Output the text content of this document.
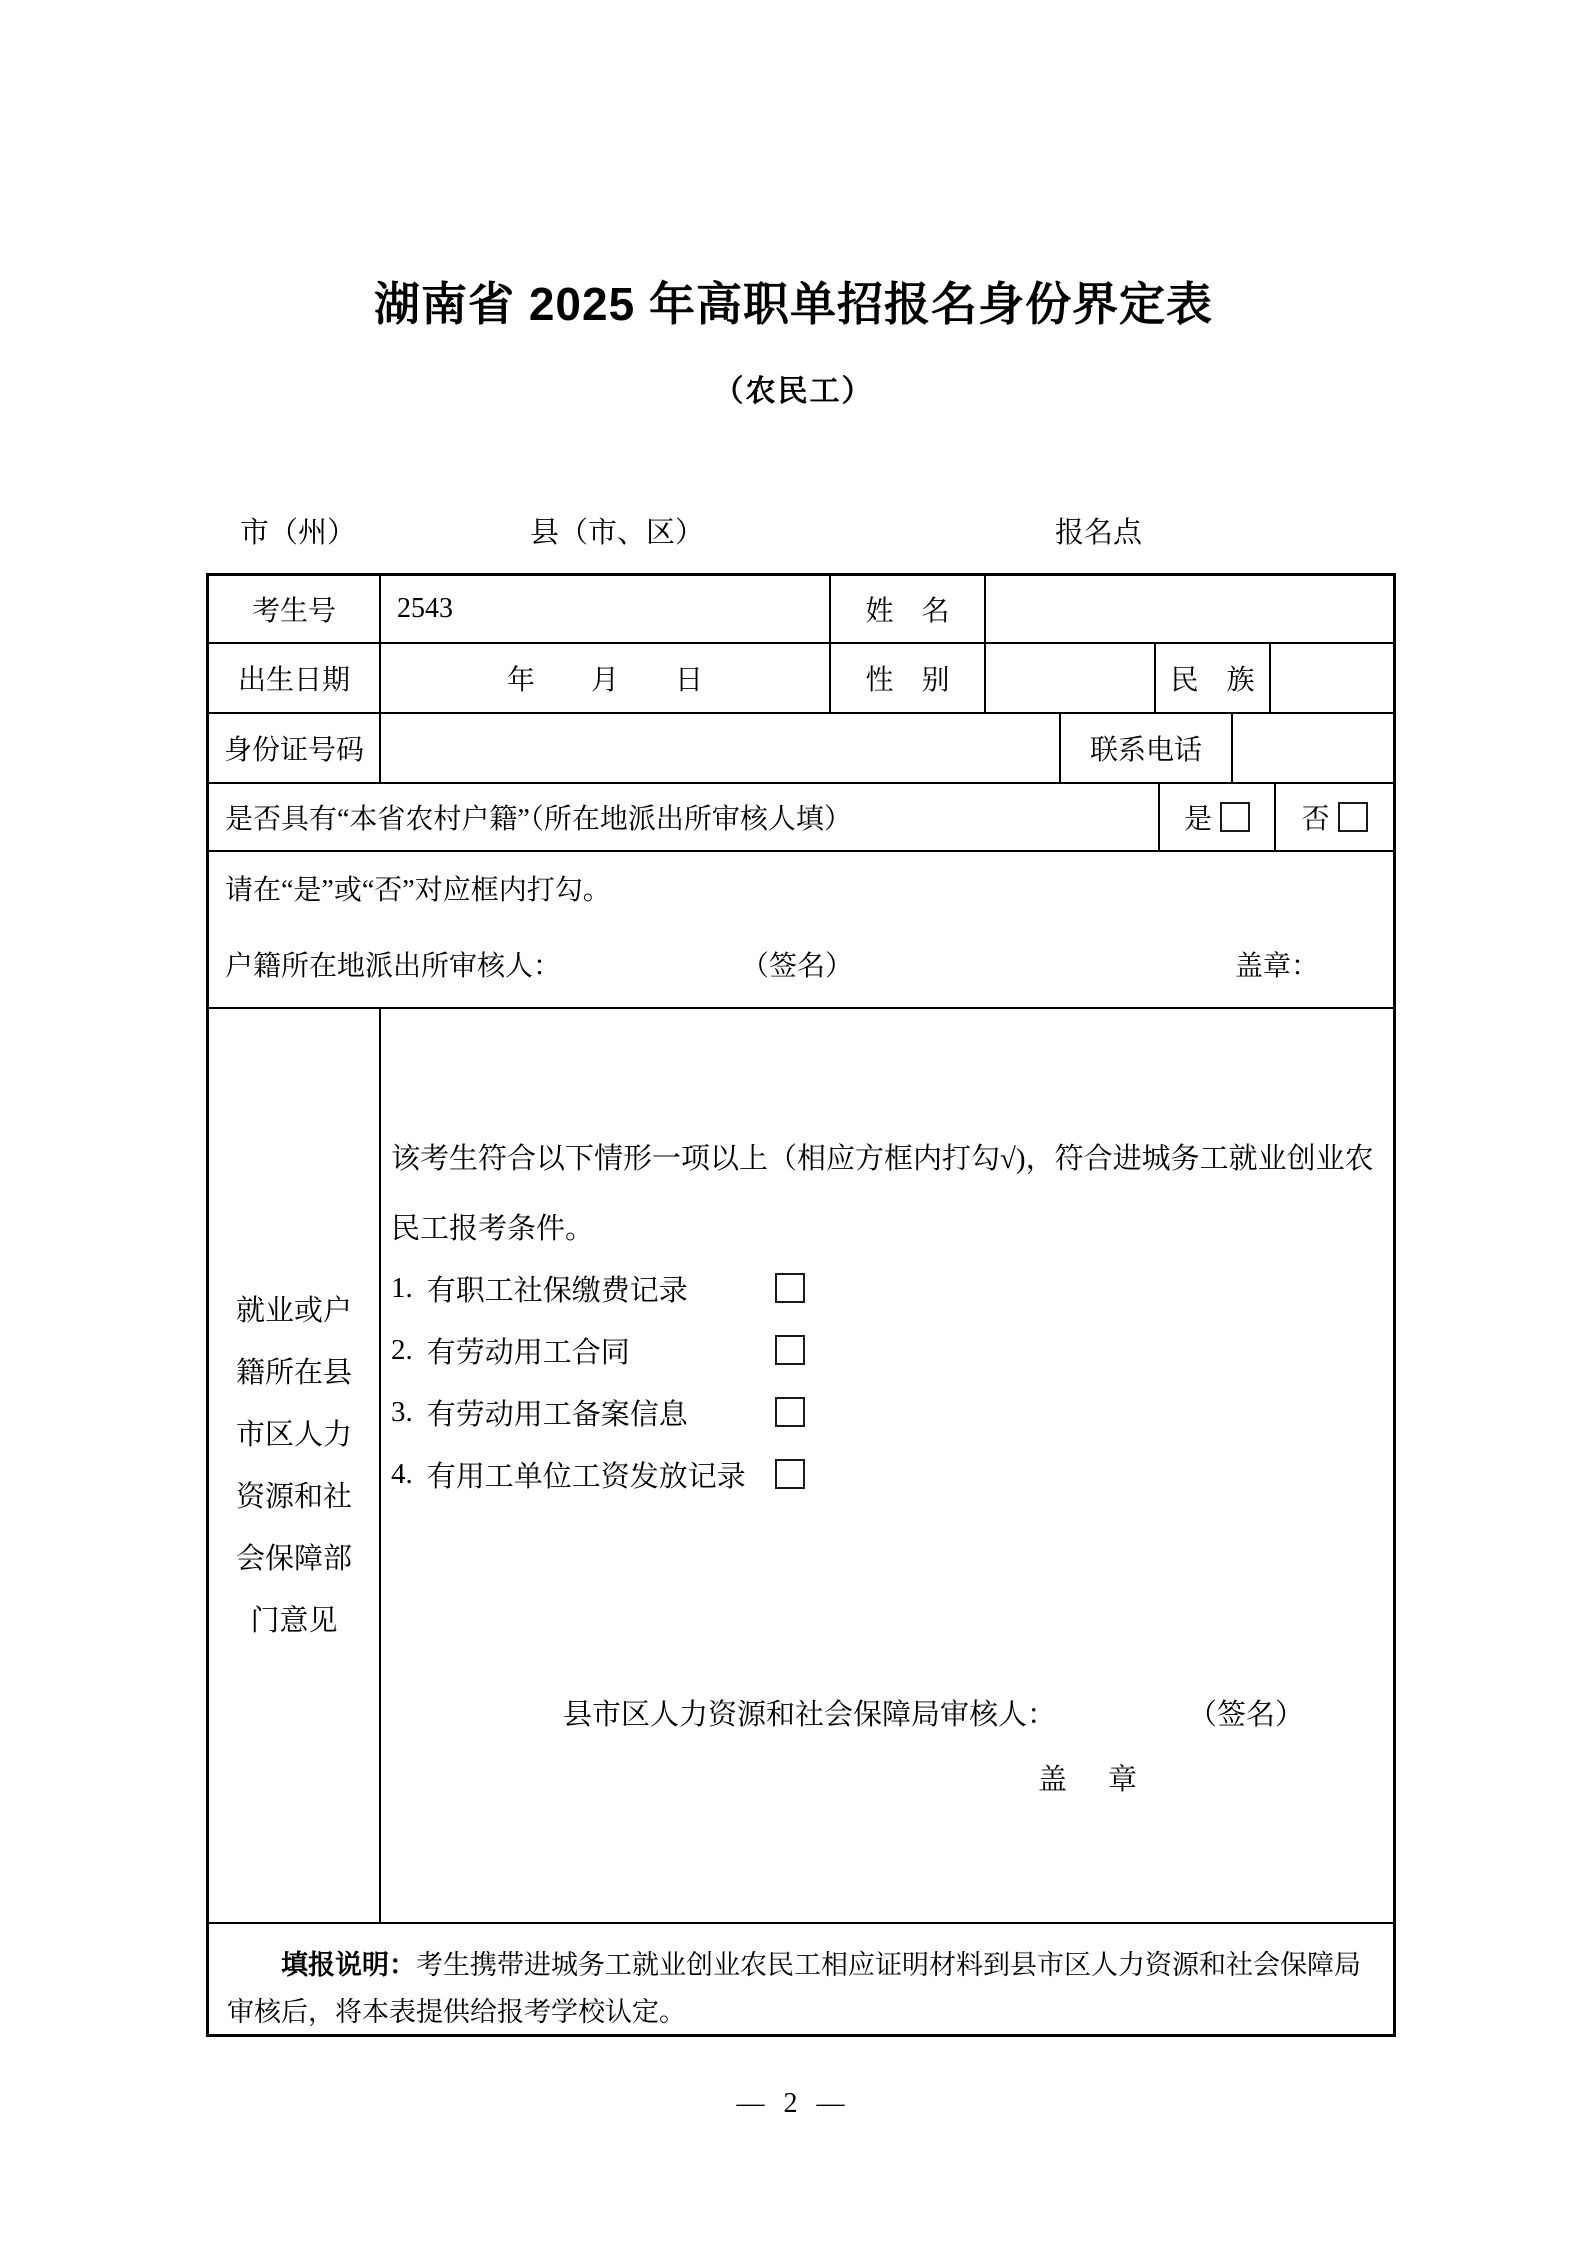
湖南省 2025 年高职单招报名身份界定表
（农民工）
市（州）	县（市、区）	报名点
考生号	2543	姓　名
出生日期	年　　月　　日	性　别	民　族
身份证号码	联系电话
是否具有“本省农村户籍”（所在地派出所审核人填）	是	否
请在“是”或“否”对应框内打勾。
户籍所在地派出所审核人：	（签名）	盖章：
就业或户
籍所在县
市区人力
资源和社
会保障部
门意见
该考生符合以下情形一项以上（相应方框内打勾√)，符合进城务工就业创业农民工报考条件。
1. 有职工社保缴费记录
2. 有劳动用工合同
3. 有劳动用工备案信息
4. 有用工单位工资发放记录
县市区人力资源和社会保障局审核人：	（签名）
盖　章

填报说明：考生携带进城务工就业创业农民工相应证明材料到县市区人力资源和社会保障局审核后，将本表提供给报考学校认定。

— 2 —
